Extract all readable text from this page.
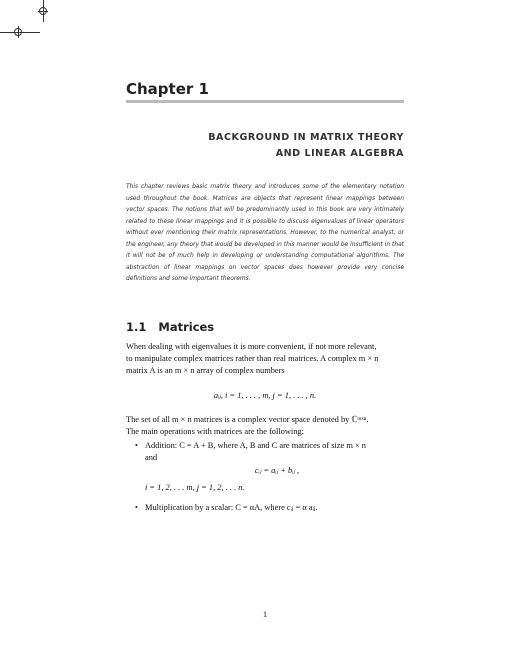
Chapter 1
BACKGROUND IN MATRIX THEORY
AND LINEAR ALGEBRA
This chapter reviews basic matrix theory and introduces some of the elementary notation used throughout the book. Matrices are objects that represent linear mappings between vector spaces. The notions that will be predominantly used in this book are very intimately related to these linear mappings and it is possible to discuss eigenvalues of linear operators without ever mentioning their matrix representations. However, to the numerical analyst, or the engineer, any theory that would be developed in this manner would be insufficient in that it will not be of much help in developing or understanding computational algorithms. The abstraction of linear mappings on vector spaces does however provide very concise definitions and some important theorems.
1.1 Matrices
When dealing with eigenvalues it is more convenient, if not more relevant,
to manipulate complex matrices rather than real matrices. A complex m × n
matrix A is an m × n array of complex numbers
aᵢⱼ, i = 1, . . . , m, j = 1, . . . , n.
The set of all m × n matrices is a complex vector space denoted by ℂᵐˣⁿ.
The main operations with matrices are the following:
• Addition: C = A + B, where A, B and C are matrices of size m × n
and
cᵢⱼ = aᵢⱼ + bᵢⱼ ,
i = 1, 2, . . . m, j = 1, 2, . . . n.
• Multiplication by a scalar: C = αA, where cᵢⱼ = α aᵢⱼ.
1
